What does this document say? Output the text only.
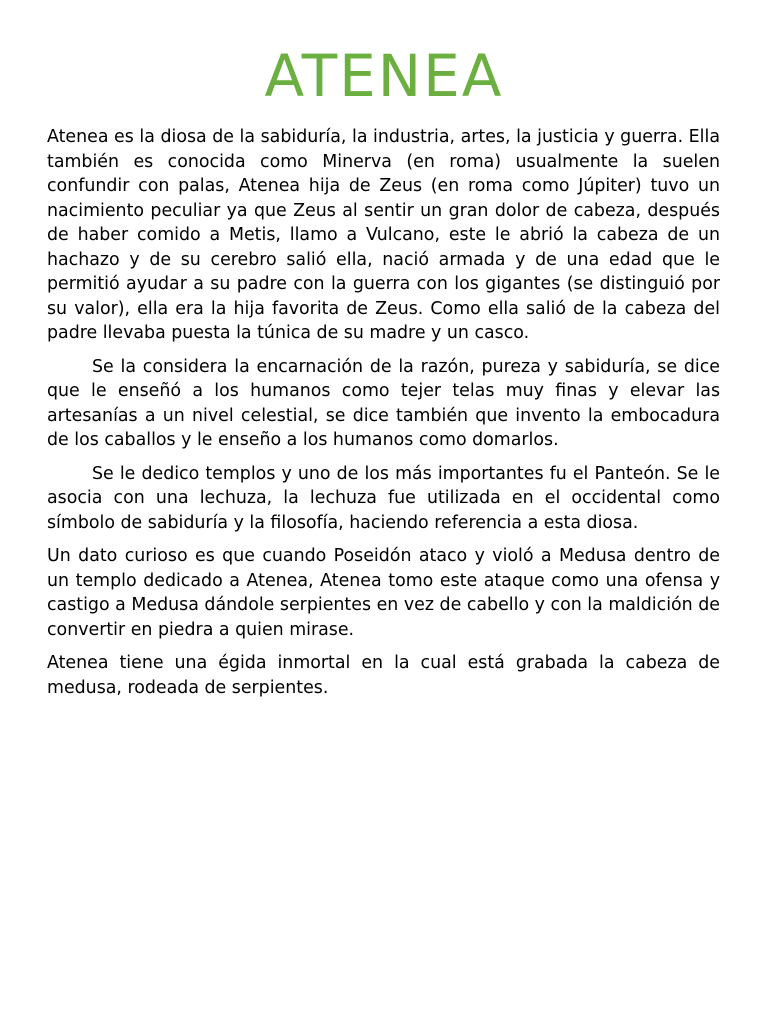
ATENEA

Atenea es la diosa de la sabiduría, la industria, artes, la justicia y guerra. Ella también es conocida como Minerva (en roma) usualmente la suelen confundir con palas, Atenea hija de Zeus (en roma como Júpiter) tuvo un nacimiento peculiar ya que Zeus al sentir un gran dolor de cabeza, después de haber comido a Metis, llamo a Vulcano, este le abrió la cabeza de un hachazo y de su cerebro salió ella, nació armada y de una edad que le permitió ayudar a su padre con la guerra con los gigantes (se distinguió por su valor), ella era la hija favorita de Zeus. Como ella salió de la cabeza del padre llevaba puesta la túnica de su madre y un casco.

Se la considera la encarnación de la razón, pureza y sabiduría, se dice que le enseñó a los humanos como tejer telas muy finas y elevar las artesanías a un nivel celestial, se dice también que invento la embocadura de los caballos y le enseño a los humanos como domarlos.

Se le dedico templos y uno de los más importantes fu el Panteón. Se le asocia con una lechuza, la lechuza fue utilizada en el occidental como símbolo de sabiduría y la filosofía, haciendo referencia a esta diosa.

Un dato curioso es que cuando Poseidón ataco y violó a Medusa dentro de un templo dedicado a Atenea, Atenea tomo este ataque como una ofensa y castigo a Medusa dándole serpientes en vez de cabello y con la maldición de convertir en piedra a quien mirase.

Atenea tiene una égida inmortal en la cual está grabada la cabeza de medusa, rodeada de serpientes.
